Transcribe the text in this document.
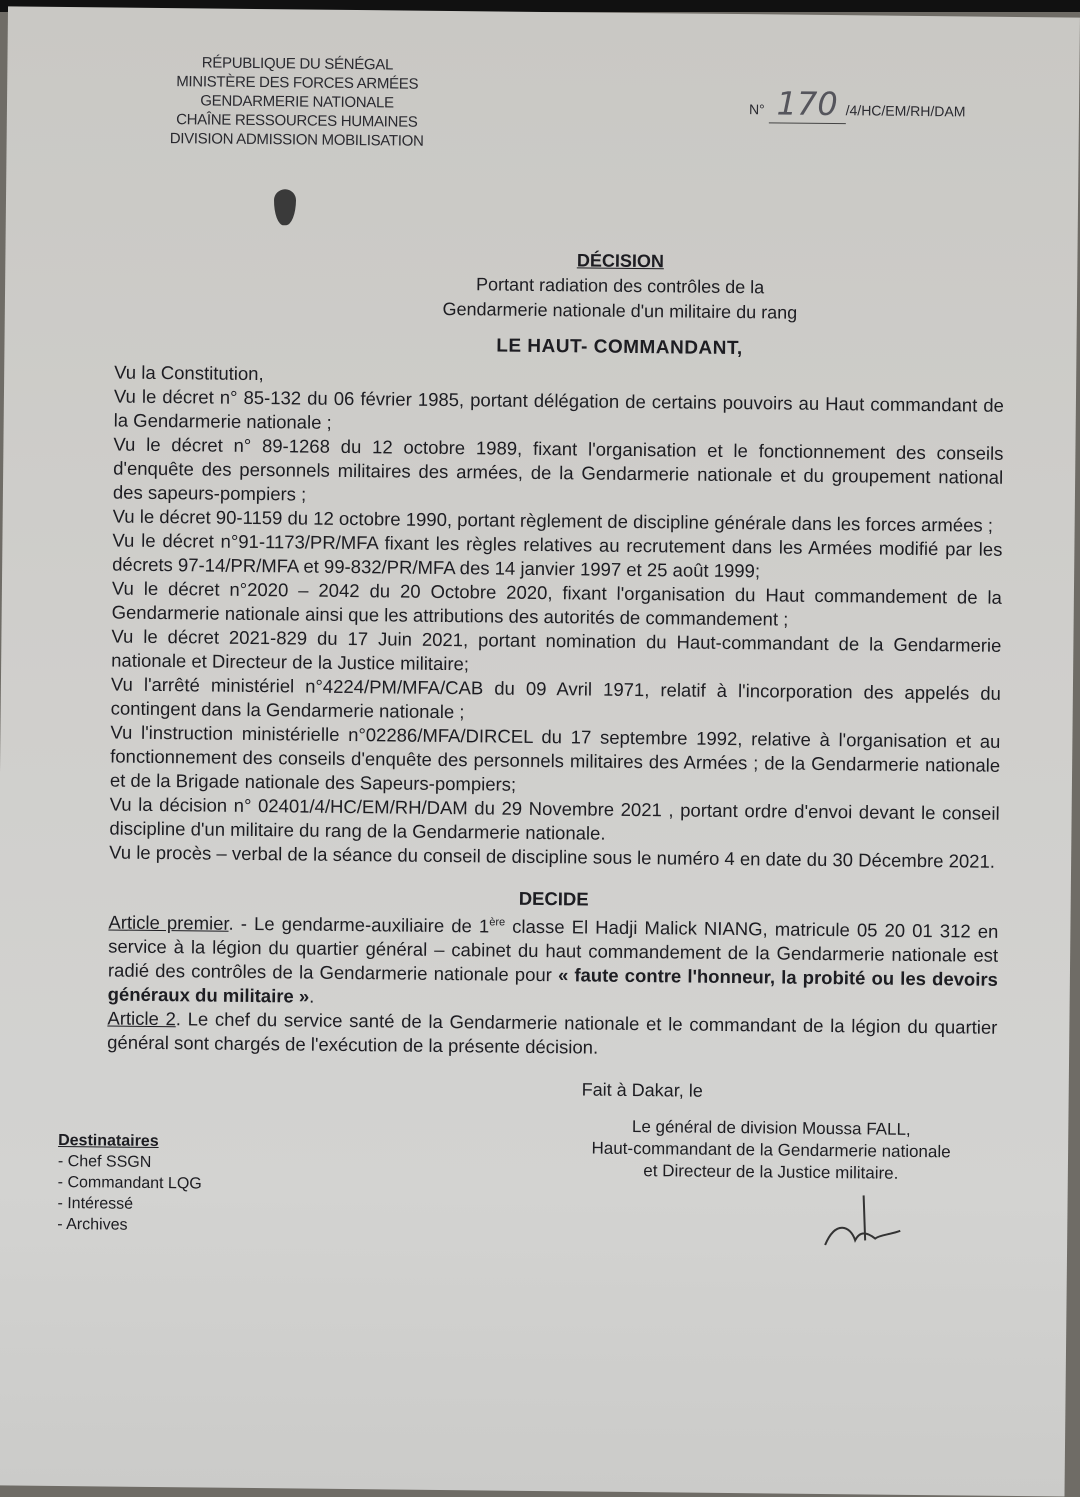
RÉPUBLIQUE DU SÉNÉGAL
MINISTÈRE DES FORCES ARMÉES
GENDARMERIE NATIONALE
CHAÎNE RESSOURCES HUMAINES
DIVISION ADMISSION MOBILISATION
N° 170 /4/HC/EM/RH/DAM
DÉCISION
Portant radiation des contrôles de la
Gendarmerie nationale d'un militaire du rang
LE HAUT- COMMANDANT,

Vu la Constitution,

Vu le décret n° 85-132 du 06 février 1985, portant délégation de certains pouvoirs au Haut commandant de la Gendarmerie nationale ;

Vu le décret n° 89-1268 du 12 octobre 1989, fixant l'organisation et le fonctionnement des conseils d'enquête des personnels militaires des armées, de la Gendarmerie nationale et du groupement national des sapeurs-pompiers ;

Vu le décret 90-1159 du 12 octobre 1990, portant règlement de discipline générale dans les forces armées ;

Vu le décret n°91-1173/PR/MFA fixant les règles relatives au recrutement dans les Armées modifié par les décrets 97-14/PR/MFA et 99-832/PR/MFA des 14 janvier 1997 et 25 août 1999;

Vu le décret n°2020 – 2042 du 20 Octobre 2020, fixant l'organisation du Haut commandement de la Gendarmerie nationale ainsi que les attributions des autorités de commandement ;

Vu le décret 2021-829 du 17 Juin 2021, portant nomination du Haut-commandant de la Gendarmerie nationale et Directeur de la Justice militaire;

Vu l'arrêté ministériel n°4224/PM/MFA/CAB du 09 Avril 1971, relatif à l'incorporation des appelés du contingent dans la Gendarmerie nationale ;

Vu l'instruction ministérielle n°02286/MFA/DIRCEL du 17 septembre 1992, relative à l'organisation et au fonctionnement des conseils d'enquête des personnels militaires des Armées ; de la Gendarmerie nationale et de la Brigade nationale des Sapeurs-pompiers;

Vu la décision n° 02401/4/HC/EM/RH/DAM du 29 Novembre 2021 , portant ordre d'envoi devant le conseil discipline d'un militaire du rang de la Gendarmerie nationale.

Vu le procès – verbal de la séance du conseil de discipline sous le numéro 4 en date du 30 Décembre 2021.

DECIDE

Article premier. - Le gendarme-auxiliaire de 1ère classe El Hadji Malick NIANG, matricule 05 20 01 312 en service à la légion du quartier général – cabinet du haut commandement de la Gendarmerie nationale est radié des contrôles de la Gendarmerie nationale pour « faute contre l'honneur, la probité ou les devoirs généraux du militaire ».

Article 2. Le chef du service santé de la Gendarmerie nationale et le commandant de la légion du quartier général sont chargés de l'exécution de la présente décision.

Destinataires
- Chef SSGN
- Commandant LQG
- Intéressé
- Archives
Fait à Dakar, le
Le général de division Moussa FALL,
Haut-commandant de la Gendarmerie nationale
et Directeur de la Justice militaire.
